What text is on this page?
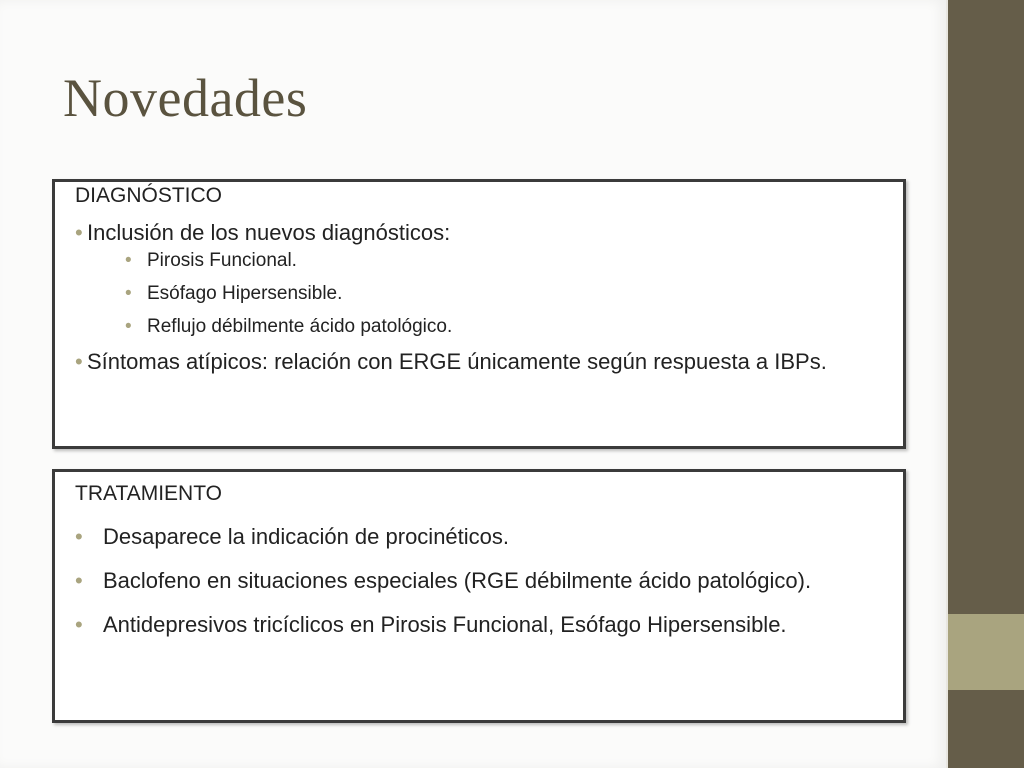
Novedades
DIAGNÓSTICO
• Inclusión de los nuevos diagnósticos:
• Pirosis Funcional.
• Esófago Hipersensible.
• Reflujo débilmente ácido patológico.
• Síntomas atípicos: relación con ERGE únicamente según respuesta a IBPs.
TRATAMIENTO
• Desaparece la indicación de procinéticos.
• Baclofeno en situaciones especiales (RGE débilmente ácido patológico).
• Antidepresivos tricíclicos en Pirosis Funcional, Esófago Hipersensible.
